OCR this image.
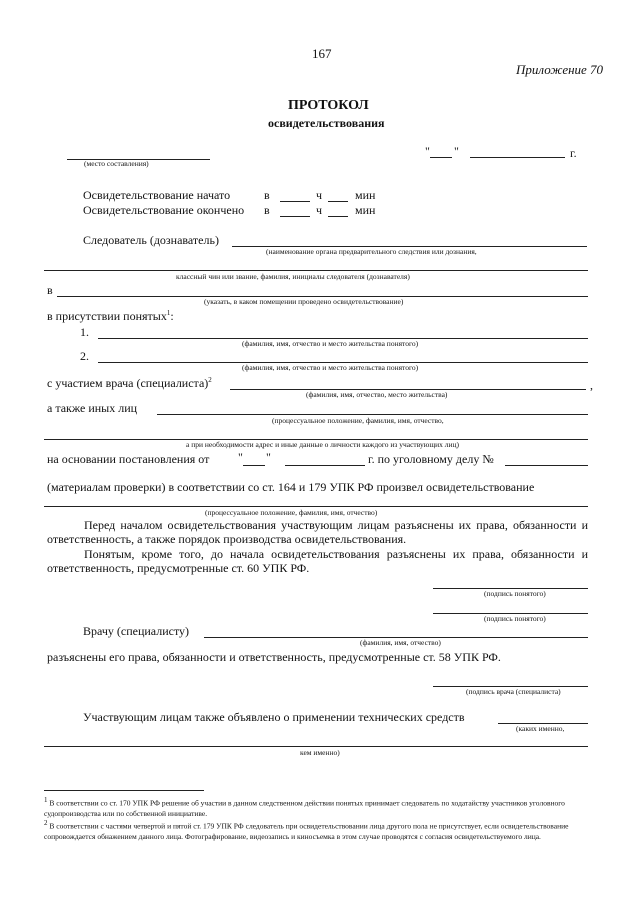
167
Приложение 70
ПРОТОКОЛ
освидетельствования
(место составления)
" "	г.
Освидетельствование начато	в	ч	мин
Освидетельствование окончено в	ч	мин
Следователь (дознаватель)
(наименование органа предварительного следствия или дознания,
классный чин или звание, фамилия, инициалы следователя (дознавателя)
в
(указать, в каком помещении проведено освидетельствование)
в присутствии понятых$^1$:
1.
(фамилия, имя, отчество и место жительства понятого)
2.
(фамилия, имя, отчество и место жительства понятого)
с участием врача (специалиста)$^2$	,
(фамилия, имя, отчество, место жительства)
а также иных лиц
(процессуальное положение, фамилия, имя, отчество,
а при необходимости адрес и иные данные о личности каждого из участвующих лиц)
на основании постановления от " "	г. по уголовному делу №
(материалам проверки) в соответствии со ст. 164 и 179 УПК РФ произвел освидетельствование
(процессуальное положение, фамилия, имя, отчество)
Перед началом освидетельствования участвующим лицам разъяснены их права, обязанности и ответственность, а также порядок производства освидетельствования.
Понятым, кроме того, до начала освидетельствования разъяснены их права, обязанности и ответственность, предусмотренные ст. 60 УПК РФ.
(подпись понятого)
(подпись понятого)
Врачу (специалисту)
(фамилия, имя, отчество)
разъяснены его права, обязанности и ответственность, предусмотренные ст. 58 УПК РФ.
(подпись врача (специалиста)
Участвующим лицам также объявлено о применении технических средств
(каких именно,
кем именно)
$^1$ В соответствии со ст. 170 УПК РФ решение об участии в данном следственном действии понятых принимает следователь по ходатайству участников уголовного судопроизводства или по собственной инициативе.
$^2$ В соответствии с частями четвертой и пятой ст. 179 УПК РФ следователь при освидетельствовании лица другого пола не присутствует, если освидетельствование сопровождается обнажением данного лица. Фотографирование, видеозапись и киносъемка в этом случае проводятся с согласия освидетельствуемого лица.
